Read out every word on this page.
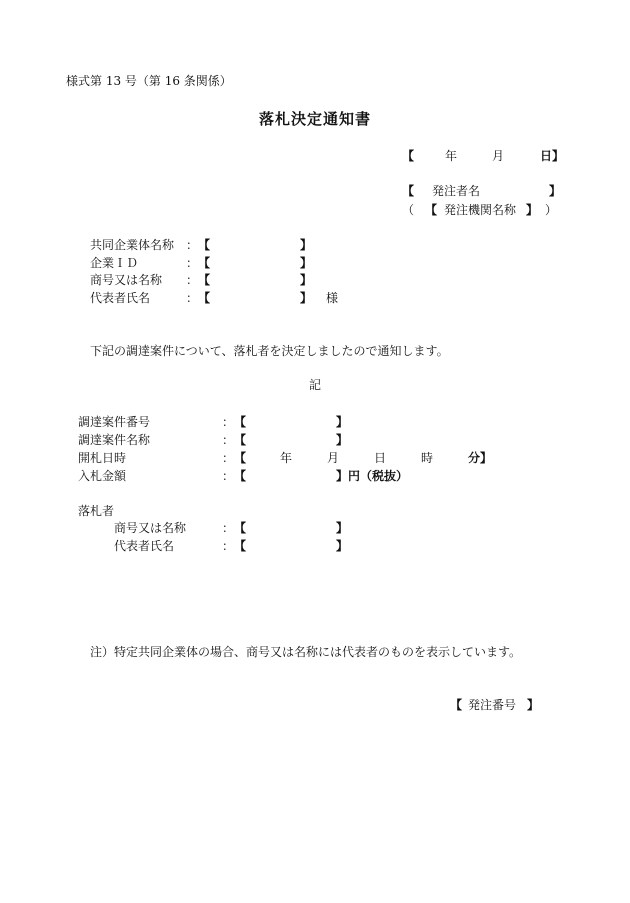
様式第 13 号（第 16 条関係）
落札決定通知書
【	年	月	日】
【 発注者名	】
（ 【 発注機関名称 】 ）
共同企業体名称 ： 【	】
企業ＩＤ	： 【	】
商号又は名称 ： 【	】
代表者氏名	： 【	】 様
下記の調達案件について、落札者を決定しましたので通知します。
記
調達案件番号	： 【	】
調達案件名称	： 【	】
開札日時	： 【	年	月	日	時	分】
入札金額	： 【	】円（税抜）
落札者
商号又は名称	： 【	】
代表者氏名	： 【	】
注）特定共同企業体の場合、商号又は名称には代表者のものを表示しています。
【 発注番号 】
